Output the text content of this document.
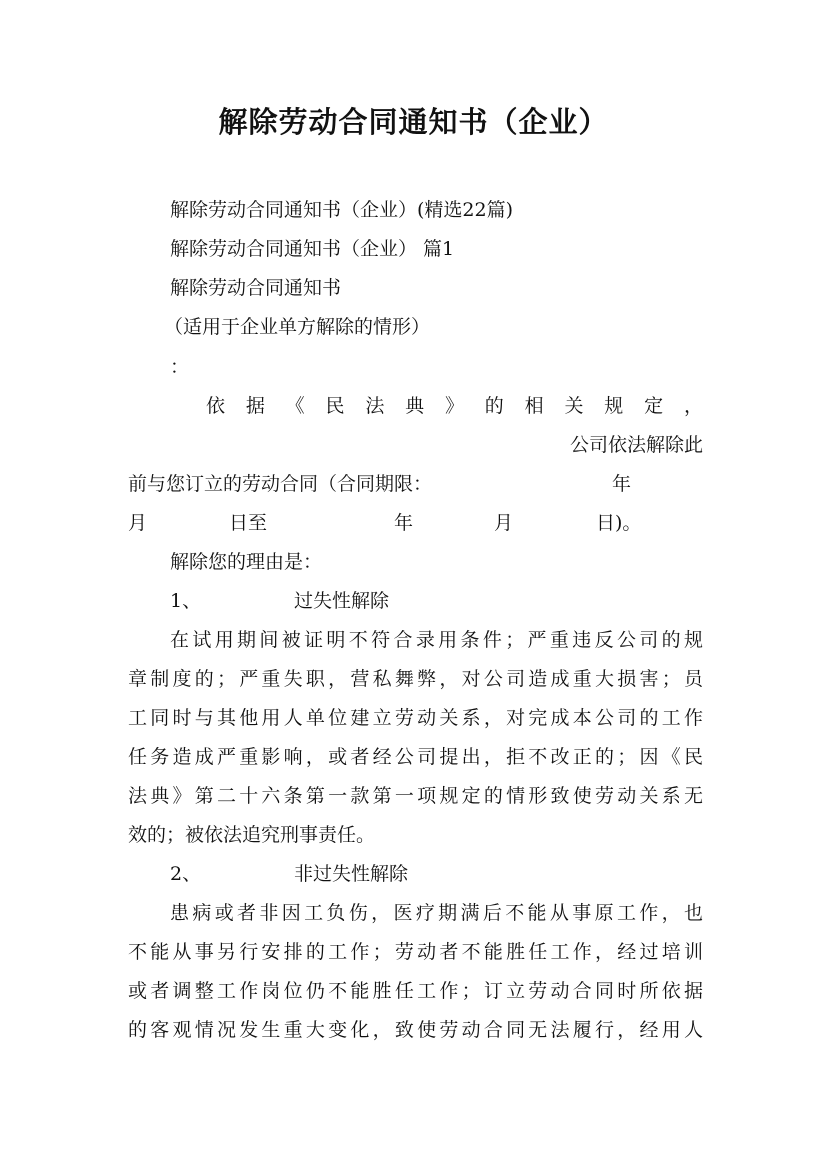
解除劳动合同通知书（企业）
解除劳动合同通知书（企业）(精选22篇)
解除劳动合同通知书（企业） 篇1
解除劳动合同通知书
（适用于企业单方解除的情形）
：
依 据 《 民 法 典 》 的 相 关 规 定 ，
公司依法解除此
前与您订立的劳动合同（合同期限：	年
月	日至	年	月	日)。
解除您的理由是：
1、	过失性解除
在试用期间被证明不符合录用条件；严重违反公司的规
章制度的；严重失职，营私舞弊，对公司造成重大损害；员
工同时与其他用人单位建立劳动关系，对完成本公司的工作
任务造成严重影响，或者经公司提出，拒不改正的；因《民
法典》第二十六条第一款第一项规定的情形致使劳动关系无
效的；被依法追究刑事责任。
2、	非过失性解除
患病或者非因工负伤，医疗期满后不能从事原工作，也
不能从事另行安排的工作；劳动者不能胜任工作，经过培训
或者调整工作岗位仍不能胜任工作；订立劳动合同时所依据
的客观情况发生重大变化，致使劳动合同无法履行，经用人
